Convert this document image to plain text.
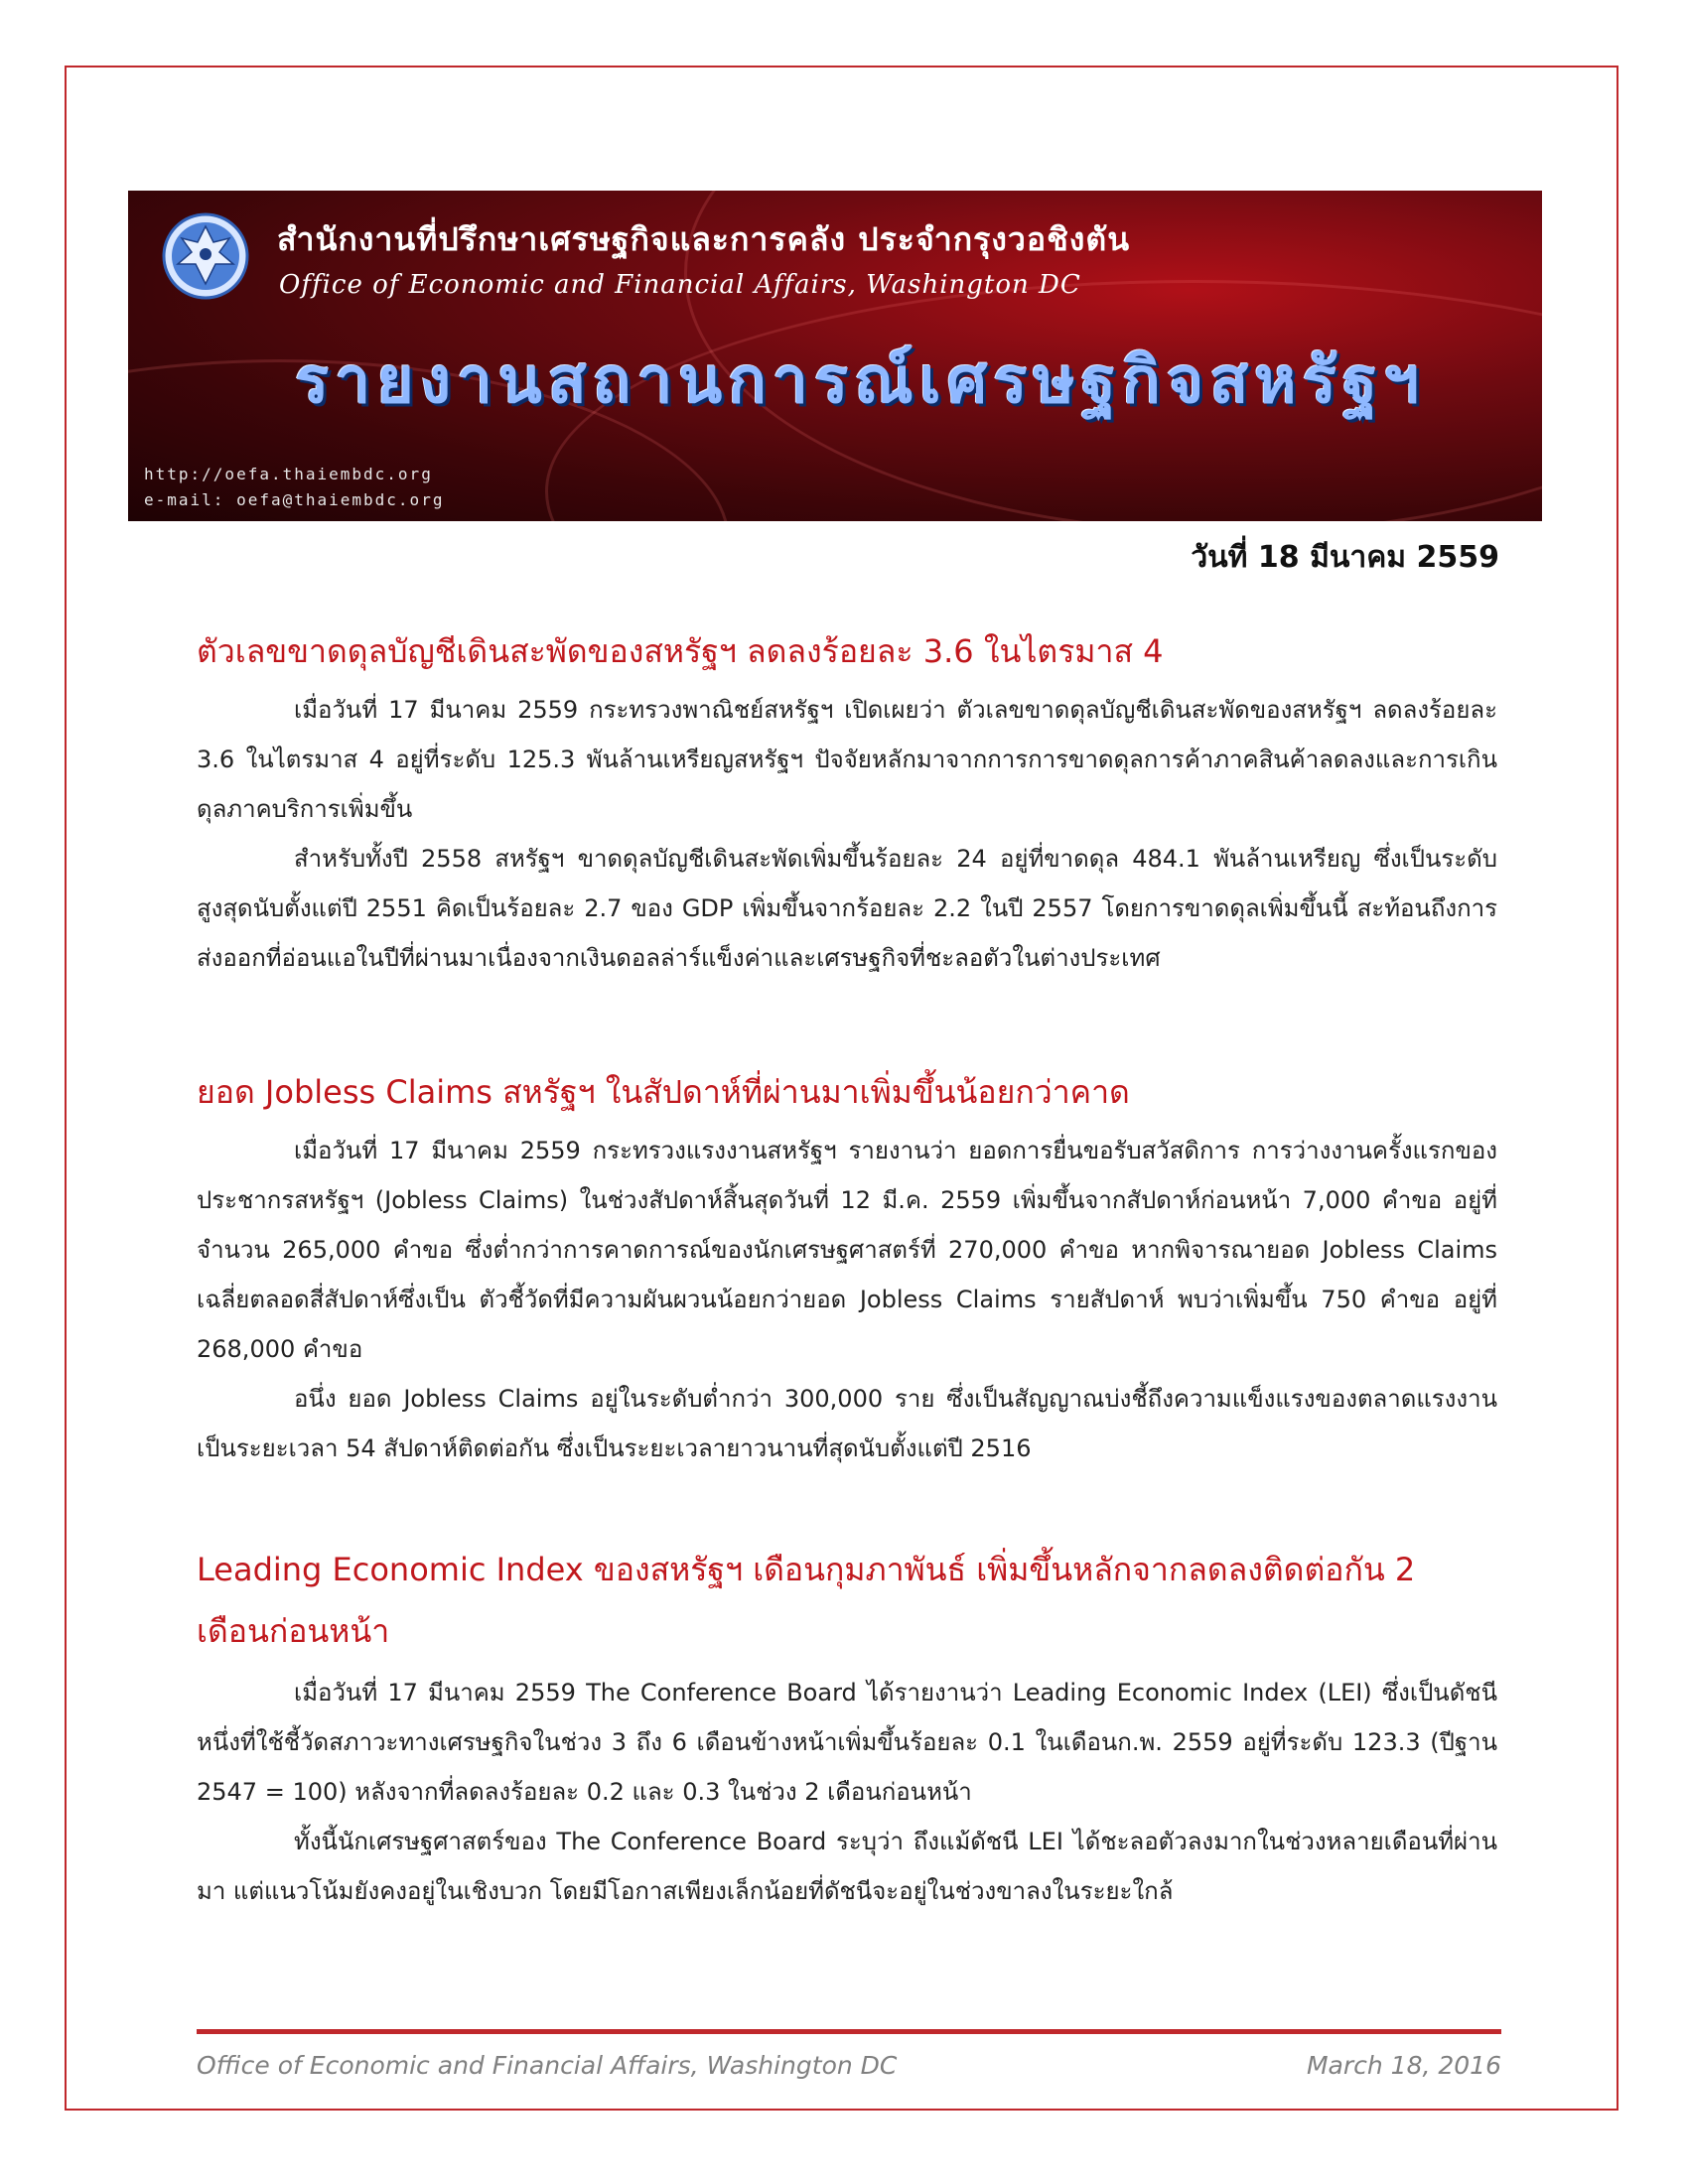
สำนักงานที่ปรึกษาเศรษฐกิจและการคลัง ประจำกรุงวอชิงตัน
Office of Economic and Financial Affairs, Washington DC
รายงานสถานการณ์เศรษฐกิจสหรัฐฯ
http://oefa.thaiembdc.org
e-mail: oefa@thaiembdc.org
วันที่ 18 มีนาคม 2559
ตัวเลขขาดดุลบัญชีเดินสะพัดของสหรัฐฯ ลดลงร้อยละ 3.6 ในไตรมาส 4

เมื่อวันที่ 17 มีนาคม 2559 กระทรวงพาณิชย์สหรัฐฯ เปิดเผยว่า ตัวเลขขาดดุลบัญชีเดินสะพัดของสหรัฐฯ ลดลงร้อยละ 3.6 ในไตรมาส 4 อยู่ที่ระดับ 125.3 พันล้านเหรียญสหรัฐฯ ปัจจัยหลักมาจากการการขาดดุลการค้าภาคสินค้าลดลงและการเกินดุลภาคบริการเพิ่มขึ้น

สำหรับทั้งปี 2558 สหรัฐฯ ขาดดุลบัญชีเดินสะพัดเพิ่มขึ้นร้อยละ 24 อยู่ที่ขาดดุล 484.1 พันล้านเหรียญ ซึ่งเป็นระดับสูงสุดนับตั้งแต่ปี 2551 คิดเป็นร้อยละ 2.7 ของ GDP เพิ่มขึ้นจากร้อยละ 2.2 ในปี 2557 โดยการขาดดุลเพิ่มขึ้นนี้ สะท้อนถึงการส่งออกที่อ่อนแอในปีที่ผ่านมาเนื่องจากเงินดอลล่าร์แข็งค่าและเศรษฐกิจที่ชะลอตัวในต่างประเทศ

ยอด Jobless Claims สหรัฐฯ ในสัปดาห์ที่ผ่านมาเพิ่มขึ้นน้อยกว่าคาด

เมื่อวันที่ 17 มีนาคม 2559 กระทรวงแรงงานสหรัฐฯ รายงานว่า ยอดการยื่นขอรับสวัสดิการ การว่างงานครั้งแรกของประชากรสหรัฐฯ (Jobless Claims) ในช่วงสัปดาห์สิ้นสุดวันที่ 12 มี.ค. 2559 เพิ่มขึ้นจากสัปดาห์ก่อนหน้า 7,000 คำขอ อยู่ที่จำนวน 265,000 คำขอ ซึ่งต่ำกว่าการคาดการณ์ของนักเศรษฐศาสตร์ที่ 270,000 คำขอ หากพิจารณายอด Jobless Claims เฉลี่ยตลอดสี่สัปดาห์ซึ่งเป็น ตัวชี้วัดที่มีความผันผวนน้อยกว่ายอด Jobless Claims รายสัปดาห์ พบว่าเพิ่มขึ้น 750 คำขอ อยู่ที่ 268,000 คำขอ

อนึ่ง ยอด Jobless Claims อยู่ในระดับต่ำกว่า 300,000 ราย ซึ่งเป็นสัญญาณบ่งชี้ถึงความแข็งแรงของตลาดแรงงาน เป็นระยะเวลา 54 สัปดาห์ติดต่อกัน ซึ่งเป็นระยะเวลายาวนานที่สุดนับตั้งแต่ปี 2516

Leading Economic Index ของสหรัฐฯ เดือนกุมภาพันธ์ เพิ่มขึ้นหลักจากลดลงติดต่อกัน 2 เดือนก่อนหน้า

เมื่อวันที่ 17 มีนาคม 2559 The Conference Board ได้รายงานว่า Leading Economic Index (LEI) ซึ่งเป็นดัชนีหนึ่งที่ใช้ชี้วัดสภาวะทางเศรษฐกิจในช่วง 3 ถึง 6 เดือนข้างหน้าเพิ่มขึ้นร้อยละ 0.1 ในเดือนก.พ. 2559 อยู่ที่ระดับ 123.3 (ปีฐาน 2547 = 100) หลังจากที่ลดลงร้อยละ 0.2 และ 0.3 ในช่วง 2 เดือนก่อนหน้า

ทั้งนี้นักเศรษฐศาสตร์ของ The Conference Board ระบุว่า ถึงแม้ดัชนี LEI ได้ชะลอตัวลงมากในช่วงหลายเดือนที่ผ่านมา แต่แนวโน้มยังคงอยู่ในเชิงบวก โดยมีโอกาสเพียงเล็กน้อยที่ดัชนีจะอยู่ในช่วงขาลงในระยะใกล้

Office of Economic and Financial Affairs, Washington DC	March 18, 2016
